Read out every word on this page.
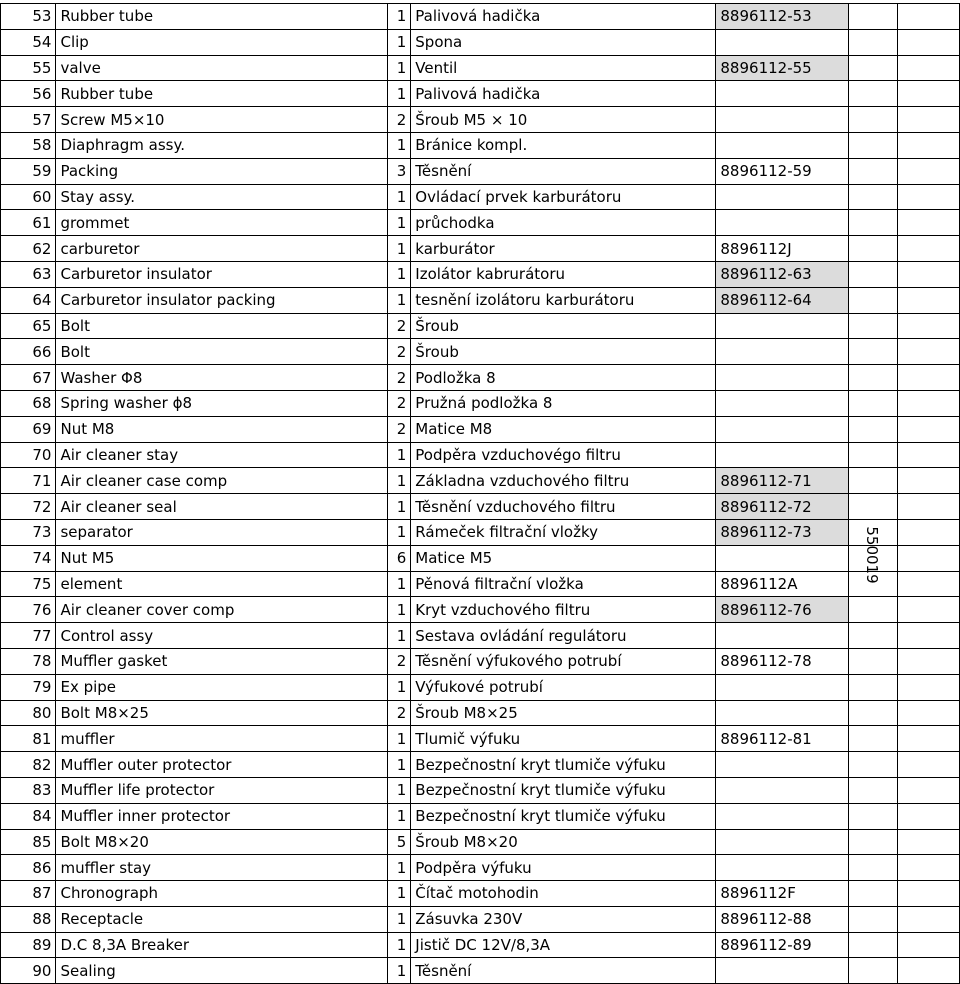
53	Rubber tube	1	Palivová hadička	8896112-53		
54	Clip	1	Spona			
55	valve	1	Ventil	8896112-55		
56	Rubber tube	1	Palivová hadička			
57	Screw M5×10	2	Šroub M5 × 10			
58	Diaphragm assy.	1	Bránice kompl.			
59	Packing	3	Těsnění	8896112-59		
60	Stay assy.	1	Ovládací prvek karburátoru			
61	grommet	1	průchodka			
62	carburetor	1	karburátor	8896112J		
63	Carburetor insulator	1	Izolátor kabrurátoru	8896112-63		
64	Carburetor insulator packing	1	tesnění izolátoru karburátoru	8896112-64		
65	Bolt	2	Šroub			
66	Bolt	2	Šroub			
67	Washer Φ8	2	Podložka 8			
68	Spring washer ϕ8	2	Pružná podložka 8			
69	Nut M8	2	Matice M8			
70	Air cleaner stay	1	Podpěra vzduchovégo filtru			
71	Air cleaner case comp	1	Základna vzduchového filtru	8896112-71		
72	Air cleaner seal	1	Těsnění vzduchového filtru	8896112-72		
73	separator	1	Rámeček filtrační vložky	8896112-73		
74	Nut M5	6	Matice M5			
75	element	1	Pěnová filtrační vložka	8896112A		
76	Air cleaner cover comp	1	Kryt vzduchového filtru	8896112-76		
77	Control assy	1	Sestava ovládání regulátoru			
78	Muffler gasket	2	Těsnění výfukového potrubí	8896112-78		
79	Ex pipe	1	Výfukové potrubí			
80	Bolt M8×25	2	Šroub M8×25			
81	muffler	1	Tlumič výfuku	8896112-81		
82	Muffler outer protector	1	Bezpečnostní kryt tlumiče výfuku			
83	Muffler life protector	1	Bezpečnostní kryt tlumiče výfuku			
84	Muffler inner protector	1	Bezpečnostní kryt tlumiče výfuku			
85	Bolt M8×20	5	Šroub M8×20			
86	muffler stay	1	Podpěra výfuku			
87	Chronograph	1	Čítač motohodin	8896112F		
88	Receptacle	1	Zásuvka 230V	8896112-88		
89	D.C 8,3A Breaker	1	Jistič DC 12V/8,3A	8896112-89		
90	Sealing	1	Těsnění			
550019
